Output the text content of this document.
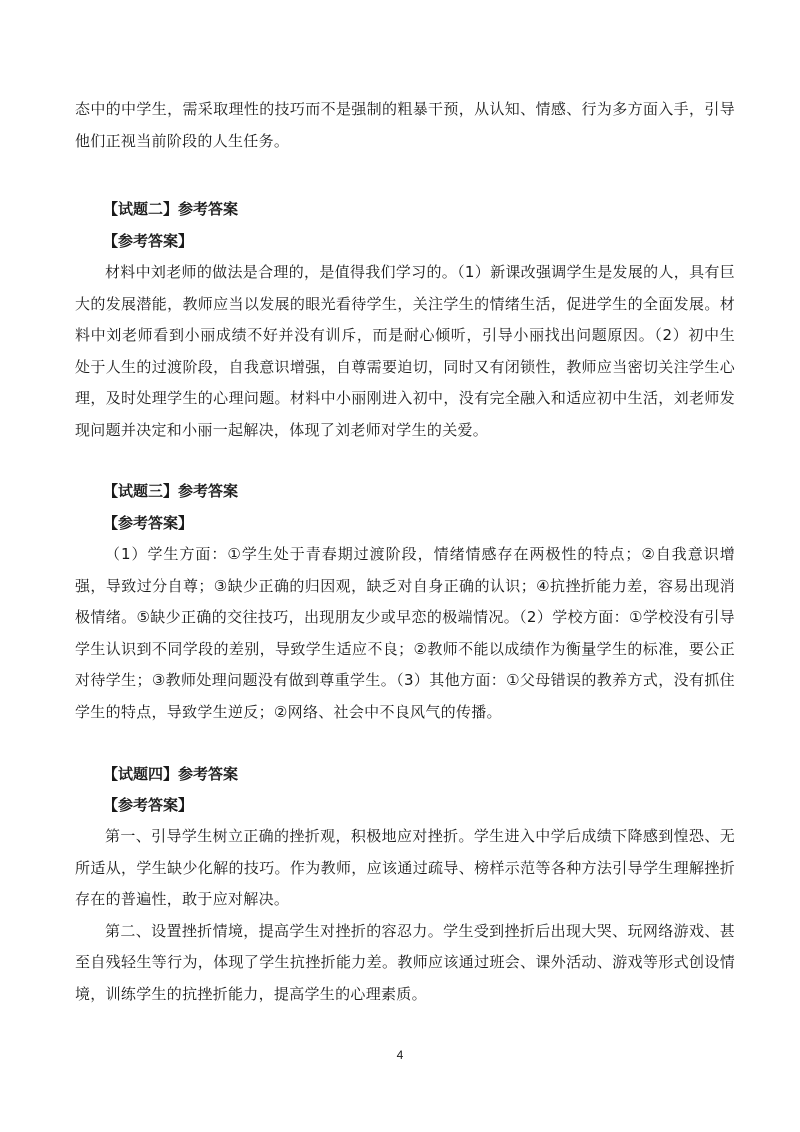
态中的中学生，需采取理性的技巧而不是强制的粗暴干预，从认知、情感、行为多方面入手，引导他们正视当前阶段的人生任务。

【试题二】参考答案

【参考答案】

材料中刘老师的做法是合理的，是值得我们学习的。（1）新课改强调学生是发展的人，具有巨大的发展潜能，教师应当以发展的眼光看待学生，关注学生的情绪生活，促进学生的全面发展。材料中刘老师看到小丽成绩不好并没有训斥，而是耐心倾听，引导小丽找出问题原因。（2）初中生处于人生的过渡阶段，自我意识增强，自尊需要迫切，同时又有闭锁性，教师应当密切关注学生心理，及时处理学生的心理问题。材料中小丽刚进入初中，没有完全融入和适应初中生活，刘老师发现问题并决定和小丽一起解决，体现了刘老师对学生的关爱。

【试题三】参考答案

【参考答案】

（1）学生方面：①学生处于青春期过渡阶段，情绪情感存在两极性的特点；②自我意识增强，导致过分自尊；③缺少正确的归因观，缺乏对自身正确的认识；④抗挫折能力差，容易出现消极情绪。⑤缺少正确的交往技巧，出现朋友少或早恋的极端情况。（2）学校方面：①学校没有引导学生认识到不同学段的差别，导致学生适应不良；②教师不能以成绩作为衡量学生的标准，要公正对待学生；③教师处理问题没有做到尊重学生。（3）其他方面：①父母错误的教养方式，没有抓住学生的特点，导致学生逆反；②网络、社会中不良风气的传播。

【试题四】参考答案

【参考答案】

第一、引导学生树立正确的挫折观，积极地应对挫折。学生进入中学后成绩下降感到惶恐、无所适从，学生缺少化解的技巧。作为教师，应该通过疏导、榜样示范等各种方法引导学生理解挫折存在的普遍性，敢于应对解决。

第二、设置挫折情境，提高学生对挫折的容忍力。学生受到挫折后出现大哭、玩网络游戏、甚至自残轻生等行为，体现了学生抗挫折能力差。教师应该通过班会、课外活动、游戏等形式创设情境，训练学生的抗挫折能力，提高学生的心理素质。

4
